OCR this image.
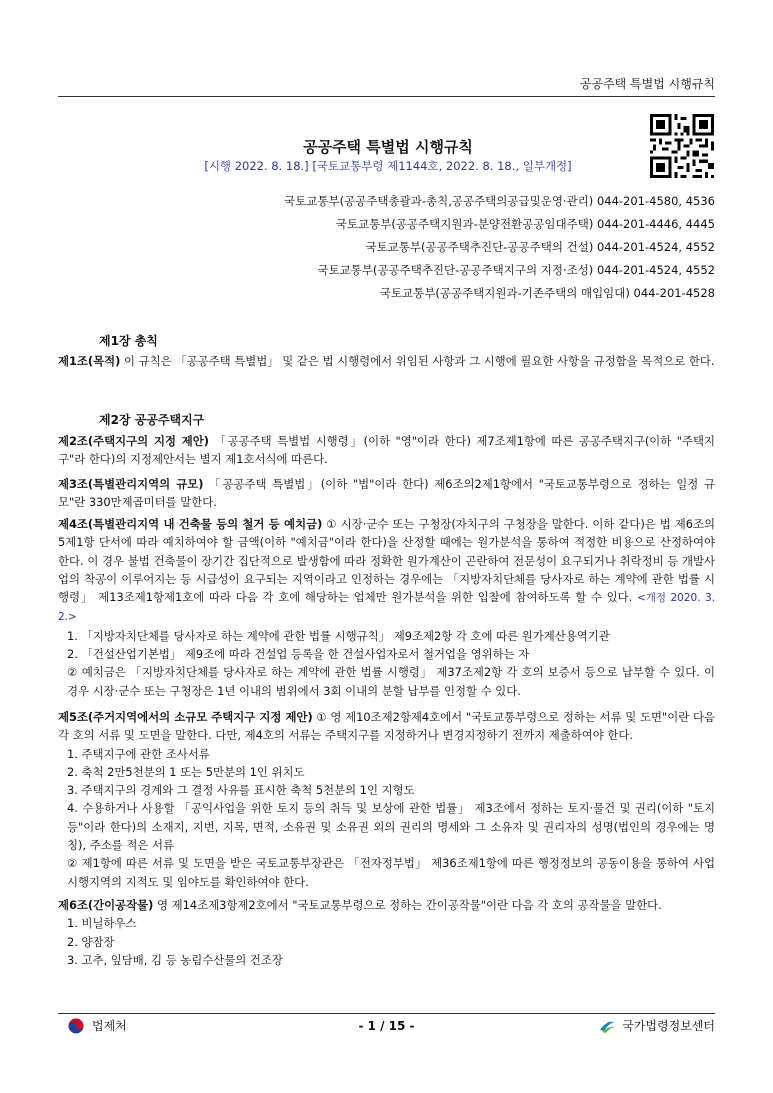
공공주택 특별법 시행규칙
공공주택 특별법 시행규칙
[시행 2022. 8. 18.] [국토교통부령 제1144호, 2022. 8. 18., 일부개정]
국토교통부(공공주택총괄과-총칙,공공주택의공급및운영·관리) 044-201-4580, 4536
국토교통부(공공주택지원과-분양전환공공임대주택) 044-201-4446, 4445
국토교통부(공공주택추진단-공공주택의 건설) 044-201-4524, 4552
국토교통부(공공주택추진단-공공주택지구의 지정·조성) 044-201-4524, 4552
국토교통부(공공주택지원과-기존주택의 매입임대) 044-201-4528
제1장 총칙

제1조(목적) 이 규칙은 「공공주택 특별법」 및 같은 법 시행령에서 위임된 사항과 그 시행에 필요한 사항을 규정함을 목적으로 한다.

제2장 공공주택지구

제2조(주택지구의 지정 제안) 「공공주택 특별법 시행령」(이하 "영"이라 한다) 제7조제1항에 따른 공공주택지구(이하 "주택지구"라 한다)의 지정제안서는 별지 제1호서식에 따른다.

제3조(특별관리지역의 규모) 「공공주택 특별법」(이하 "법"이라 한다) 제6조의2제1항에서 "국토교통부령으로 정하는 일정 규모"란 330만제곱미터를 말한다.

제4조(특별관리지역 내 건축물 등의 철거 등 예치금) ① 시장·군수 또는 구청장(자치구의 구청장을 말한다. 이하 같다)은 법 제6조의5제1항 단서에 따라 예치하여야 할 금액(이하 "예치금"이라 한다)을 산정할 때에는 원가분석을 통하여 적정한 비용으로 산정하여야 한다. 이 경우 불법 건축물이 장기간 집단적으로 발생함에 따라 정확한 원가계산이 곤란하여 전문성이 요구되거나 취락정비 등 개발사업의 착공이 이루어지는 등 시급성이 요구되는 지역이라고 인정하는 경우에는 「지방자치단체를 당사자로 하는 계약에 관한 법률 시행령」 제13조제1항제1호에 따라 다음 각 호에 해당하는 업체만 원가분석을 위한 입찰에 참여하도록 할 수 있다. <개정 2020. 3. 2.>

1. 「지방자치단체를 당사자로 하는 계약에 관한 법률 시행규칙」 제9조제2항 각 호에 따른 원가계산용역기관

2. 「건설산업기본법」 제9조에 따라 건설업 등록을 한 건설사업자로서 철거업을 영위하는 자

② 예치금은 「지방자치단체를 당사자로 하는 계약에 관한 법률 시행령」 제37조제2항 각 호의 보증서 등으로 납부할 수 있다. 이 경우 시장·군수 또는 구청장은 1년 이내의 범위에서 3회 이내의 분할 납부를 인정할 수 있다.

제5조(주거지역에서의 소규모 주택지구 지정 제안) ① 영 제10조제2항제4호에서 "국토교통부령으로 정하는 서류 및 도면"이란 다음 각 호의 서류 및 도면을 말한다. 다만, 제4호의 서류는 주택지구를 지정하거나 변경지정하기 전까지 제출하여야 한다.

1. 주택지구에 관한 조사서류

2. 축척 2만5천분의 1 또는 5만분의 1인 위치도

3. 주택지구의 경계와 그 결정 사유를 표시한 축척 5천분의 1인 지형도

4. 수용하거나 사용할 「공익사업을 위한 토지 등의 취득 및 보상에 관한 법률」 제3조에서 정하는 토지·물건 및 권리(이하 "토지등"이라 한다)의 소재지, 지번, 지목, 면적, 소유권 및 소유권 외의 권리의 명세와 그 소유자 및 권리자의 성명(법인의 경우에는 명칭), 주소를 적은 서류

② 제1항에 따른 서류 및 도면을 받은 국토교통부장관은 「전자정부법」 제36조제1항에 따른 행정정보의 공동이용을 통하여 사업시행지역의 지적도 및 임야도를 확인하여야 한다.

제6조(간이공작물) 영 제14조제3항제2호에서 "국토교통부령으로 정하는 간이공작물"이란 다음 각 호의 공작물을 말한다.

1. 비닐하우스

2. 양잠장

3. 고추, 잎담배, 김 등 농림수산물의 건조장

법제처	- 1 / 15 -	국가법령정보센터
